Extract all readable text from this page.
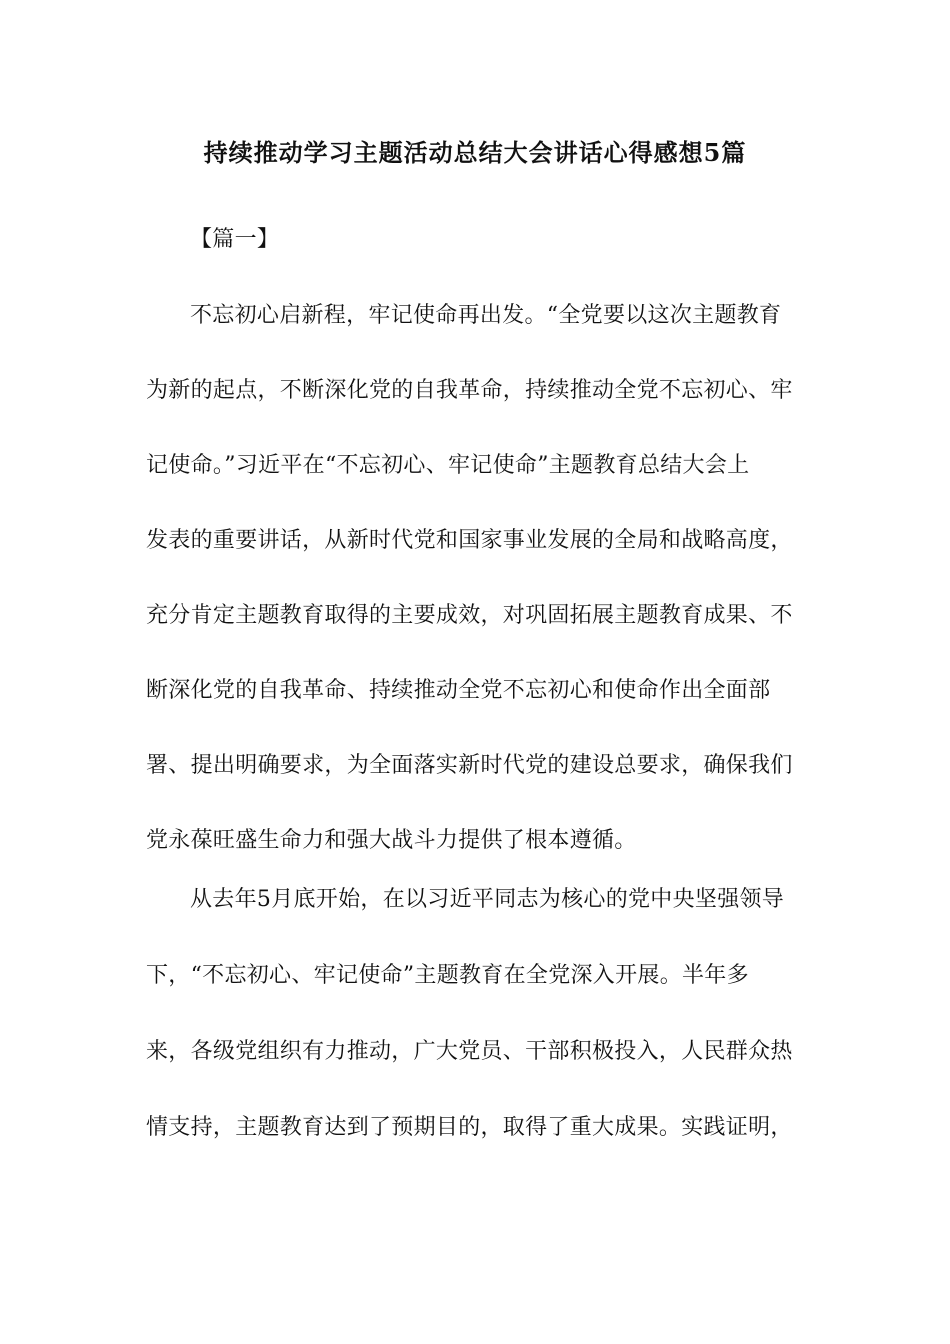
持续推动学习主题活动总结大会讲话心得感想5篇
【篇一】
不忘初心启新程，牢记使命再出发。“全党要以这次主题教育
为新的起点，不断深化党的自我革命，持续推动全党不忘初心、牢
记使命。”习近平在“不忘初心、牢记使命”主题教育总结大会上
发表的重要讲话，从新时代党和国家事业发展的全局和战略高度，
充分肯定主题教育取得的主要成效，对巩固拓展主题教育成果、不
断深化党的自我革命、持续推动全党不忘初心和使命作出全面部
署、提出明确要求，为全面落实新时代党的建设总要求，确保我们
党永葆旺盛生命力和强大战斗力提供了根本遵循。
从去年5月底开始，在以习近平同志为核心的党中央坚强领导
下，“不忘初心、牢记使命”主题教育在全党深入开展。半年多
来，各级党组织有力推动，广大党员、干部积极投入，人民群众热
情支持，主题教育达到了预期目的，取得了重大成果。实践证明，
